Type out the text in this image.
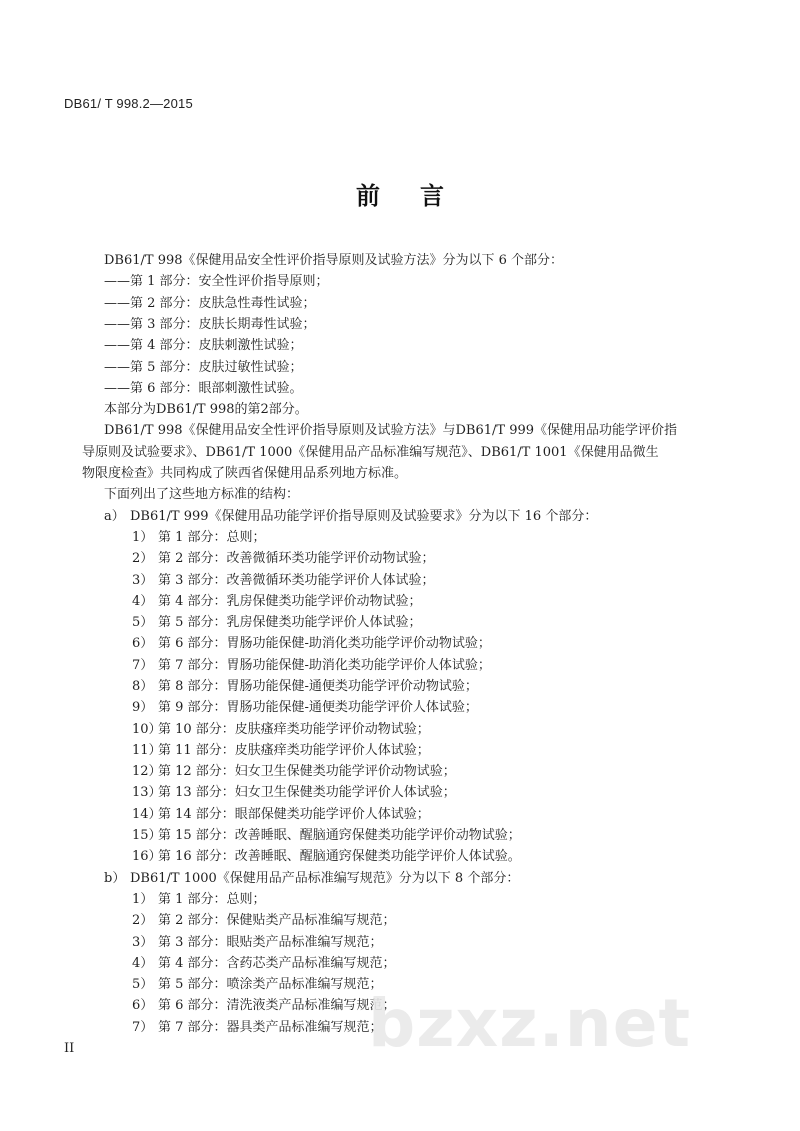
DB61/ T 998.2—2015
前言
DB61/T 998《保健用品安全性评价指导原则及试验方法》分为以下 6 个部分：
——第 1 部分：安全性评价指导原则；
——第 2 部分：皮肤急性毒性试验；
——第 3 部分：皮肤长期毒性试验；
——第 4 部分：皮肤刺激性试验；
——第 5 部分：皮肤过敏性试验；
——第 6 部分：眼部刺激性试验。
本部分为DB61/T 998的第2部分。
DB61/T 998《保健用品安全性评价指导原则及试验方法》与DB61/T 999《保健用品功能学评价指
导原则及试验要求》、DB61/T 1000《保健用品产品标准编写规范》、DB61/T 1001《保健用品微生
物限度检查》共同构成了陕西省保健用品系列地方标准。
下面列出了这些地方标准的结构：
a） DB61/T 999《保健用品功能学评价指导原则及试验要求》分为以下 16 个部分：
1） 第 1 部分：总则；
2） 第 2 部分：改善微循环类功能学评价动物试验；
3） 第 3 部分：改善微循环类功能学评价人体试验；
4） 第 4 部分：乳房保健类功能学评价动物试验；
5） 第 5 部分：乳房保健类功能学评价人体试验；
6） 第 6 部分：胃肠功能保健-助消化类功能学评价动物试验；
7） 第 7 部分：胃肠功能保健-助消化类功能学评价人体试验；
8） 第 8 部分：胃肠功能保健-通便类功能学评价动物试验；
9） 第 9 部分：胃肠功能保健-通便类功能学评价人体试验；
10）第 10 部分：皮肤瘙痒类功能学评价动物试验；
11）第 11 部分：皮肤瘙痒类功能学评价人体试验；
12）第 12 部分：妇女卫生保健类功能学评价动物试验；
13）第 13 部分：妇女卫生保健类功能学评价人体试验；
14）第 14 部分：眼部保健类功能学评价人体试验；
15）第 15 部分：改善睡眠、醒脑通窍保健类功能学评价动物试验；
16）第 16 部分：改善睡眠、醒脑通窍保健类功能学评价人体试验。
b） DB61/T 1000《保健用品产品标准编写规范》分为以下 8 个部分：
1） 第 1 部分：总则；
2） 第 2 部分：保健贴类产品标准编写规范；
3） 第 3 部分：眼贴类产品标准编写规范；
4） 第 4 部分：含药芯类产品标准编写规范；
5） 第 5 部分：喷涂类产品标准编写规范；
6） 第 6 部分：清洗液类产品标准编写规范；
7） 第 7 部分：器具类产品标准编写规范；
II	bzxz.net
